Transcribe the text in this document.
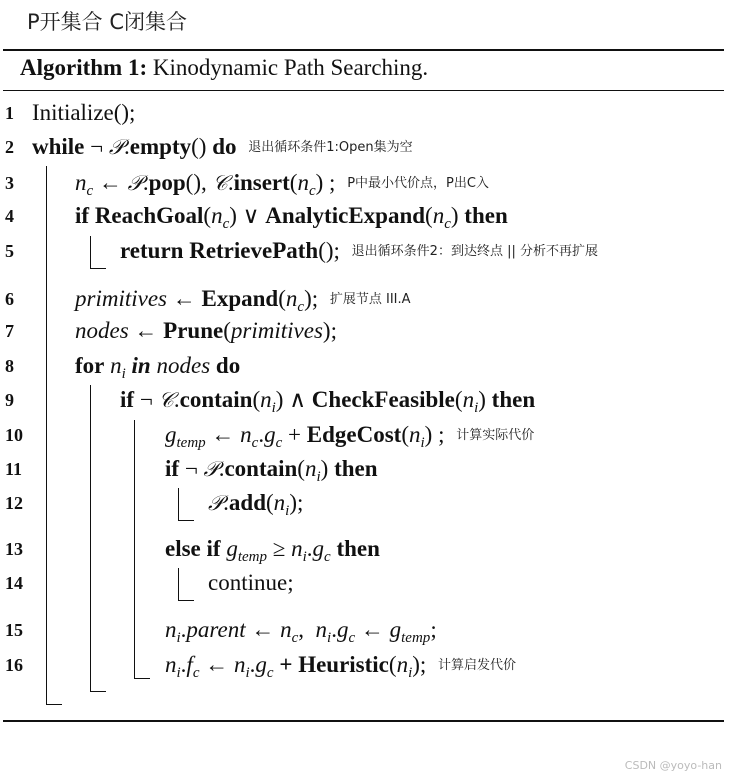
P开集合 C闭集合
Algorithm 1: Kinodynamic Path Searching.
1 Initialize();
2 while ¬ 𝒫.empty() do 退出循环条件1:Open集为空
3	$n_c$ ← 𝒫.pop(), $𝒞.insert(n_c)$ ; P中最小代价点，P出C入
4	if $ReachGoal(n_c)$ ∨ $AnalyticExpand(n_c)$ then
5	return RetrievePath(); 退出循环条件2：到达终点 || 分析不再扩展
6	primitives ← $Expand(n_c)$; 扩展节点 III.A
7	nodes ← Prune(primitives);
8	for $n_i$ in nodes do
9	if ¬ $𝒞.contain(n_i)$ ∧ $CheckFeasible(n_i)$ then
10	$g_{temp}$ ← $n_c.g_c$ + $EdgeCost(n_i)$ ; 计算实际代价
11	if ¬ $𝒫.contain(n_i)$ then
12	$𝒫.add(n_i)$;
13	else if $g_{temp} \ge n_i.g_c$ then
14	continue;
15	$n_i.parent$ ← $n_c$,  $n_i.g_c$ ← $g_{temp}$;
16	$n_i.f_c$ ← $n_i.g_c$ + $Heuristic(n_i)$; 计算启发代价
CSDN @yoyo-han
